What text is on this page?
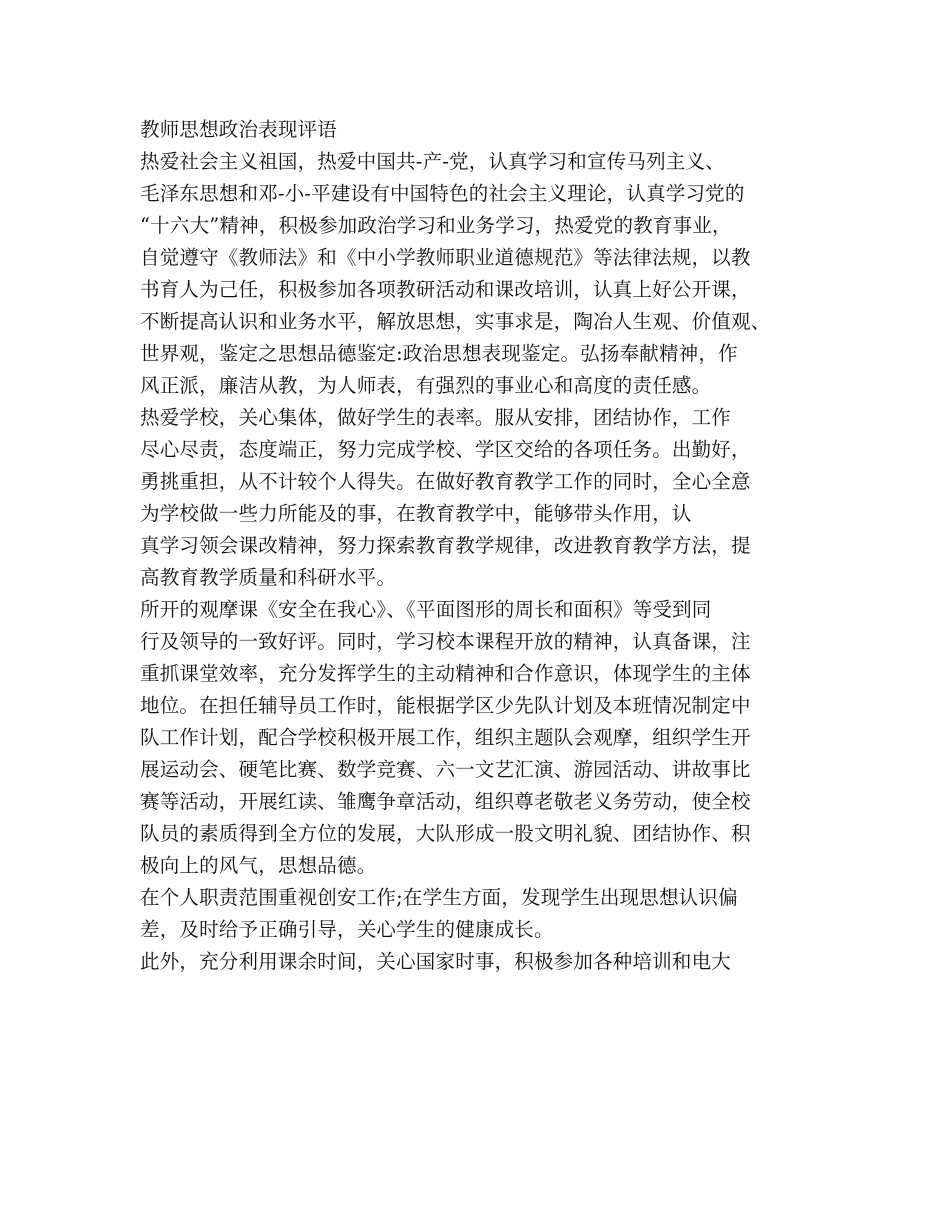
教师思想政治表现评语
热爱社会主义祖国，热爱中国共-产-党，认真学习和宣传马列主义、
毛泽东思想和邓-小-平建设有中国特色的社会主义理论，认真学习党的
“十六大”精神，积极参加政治学习和业务学习，热爱党的教育事业，
自觉遵守《教师法》和《中小学教师职业道德规范》等法律法规，以教
书育人为己任，积极参加各项教研活动和课改培训，认真上好公开课，
不断提高认识和业务水平，解放思想，实事求是，陶冶人生观、价值观、
世界观，鉴定之思想品德鉴定:政治思想表现鉴定。弘扬奉献精神，作
风正派，廉洁从教，为人师表，有强烈的事业心和高度的责任感。
热爱学校，关心集体，做好学生的表率。服从安排，团结协作，工作
尽心尽责，态度端正，努力完成学校、学区交给的各项任务。出勤好，
勇挑重担，从不计较个人得失。在做好教育教学工作的同时，全心全意
为学校做一些力所能及的事，在教育教学中，能够带头作用，认
真学习领会课改精神，努力探索教育教学规律，改进教育教学方法，提
高教育教学质量和科研水平。
所开的观摩课《安全在我心》、《平面图形的周长和面积》等受到同
行及领导的一致好评。同时，学习校本课程开放的精神，认真备课，注
重抓课堂效率，充分发挥学生的主动精神和合作意识，体现学生的主体
地位。在担任辅导员工作时，能根据学区少先队计划及本班情况制定中
队工作计划，配合学校积极开展工作，组织主题队会观摩，组织学生开
展运动会、硬笔比赛、数学竞赛、六一文艺汇演、游园活动、讲故事比
赛等活动，开展红读、雏鹰争章活动，组织尊老敬老义务劳动，使全校
队员的素质得到全方位的发展，大队形成一股文明礼貌、团结协作、积
极向上的风气，思想品德。
在个人职责范围重视创安工作;在学生方面，发现学生出现思想认识偏
差，及时给予正确引导，关心学生的健康成长。
此外，充分利用课余时间，关心国家时事，积极参加各种培训和电大
